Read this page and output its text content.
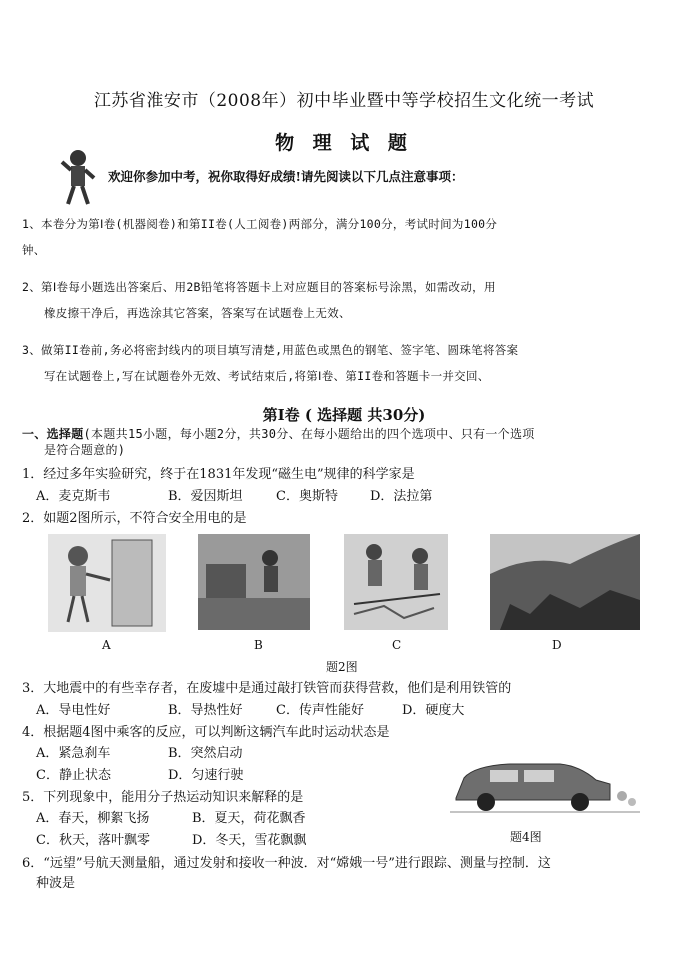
江苏省淮安市（2008年）初中毕业暨中等学校招生文化统一考试
物 理 试 题
欢迎你参加中考，祝你取得好成绩!请先阅读以下几点注意事项：
1、本卷分为第Ⅰ卷(机器阅卷)和第II卷(人工阅卷)两部分，满分100分，考试时间为100分
钟、
2、第Ⅰ卷每小题选出答案后、用2B铅笔将答题卡上对应题目的答案标号涂黑，如需改动，用
橡皮擦干净后，再选涂其它答案，答案写在试题卷上无效、
3、做第II卷前,务必将密封线内的项目填写清楚,用蓝色或黑色的钢笔、签字笔、圆珠笔将答案
写在试题卷上,写在试题卷外无效、考试结束后,将第Ⅰ卷、第II卷和答题卡一并交回、
第Ⅰ卷 ( 选择题 共30分)
一、选择题(本题共15小题，每小题2分，共30分、在每小题给出的四个选项中、只有一个选项
是符合题意的)
1．经过多年实验研究，终于在1831年发现“磁生电”规律的科学家是
A．麦克斯韦	B．爱因斯坦	C．奥斯特 D．法拉第
2．如题2图所示，不符合安全用电的是
A	B	C	D
题2图
3．大地震中的有些幸存者，在废墟中是通过敲打铁管而获得营救，他们是利用铁管的
A．导电性好	B．导热性好	C．传声性能好	D．硬度大
4．根据题4图中乘客的反应，可以判断这辆汽车此时运动状态是
A．紧急刹车	B．突然启动
C．静止状态	D．匀速行驶
5．下列现象中，能用分子热运动知识来解释的是
A．春天，柳絮飞扬	B．夏天，荷花飘香
C．秋天，落叶飘零	D．冬天，雪花飘飘	题4图
6．“远望”号航天测量船，通过发射和接收一种波．对“嫦娥一号”进行跟踪、测量与控制．这
种波是
